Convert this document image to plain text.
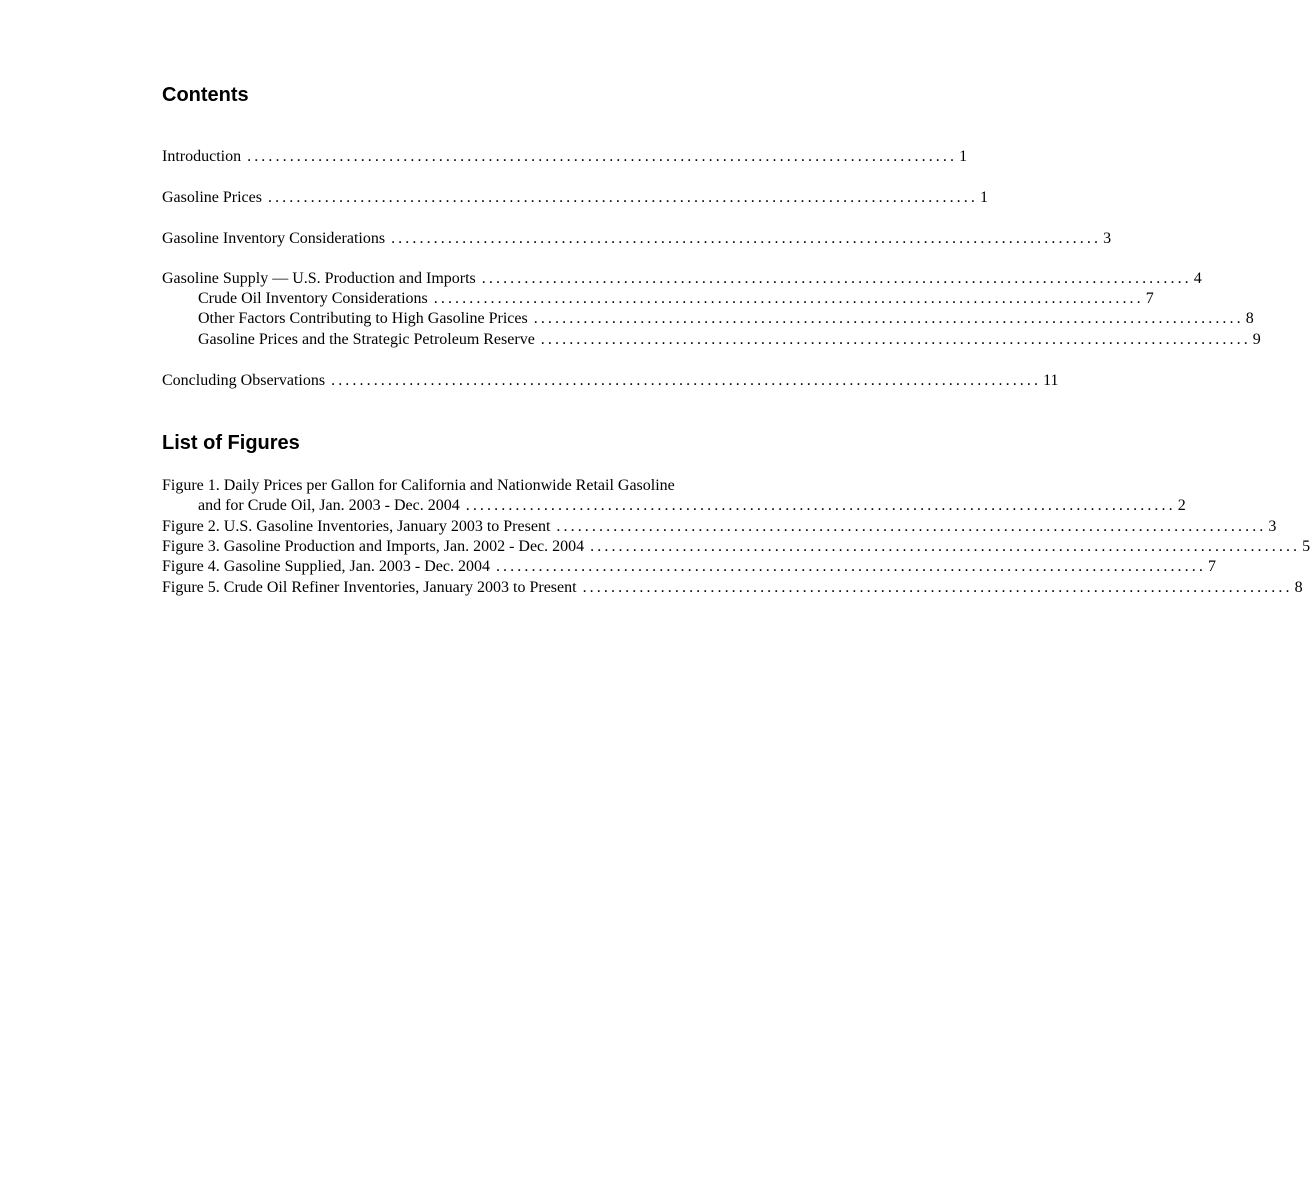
Contents
Introduction .................................................................................................... 1
Gasoline Prices .................................................................................................... 1
Gasoline Inventory Considerations .................................................................................................... 3
Gasoline Supply — U.S. Production and Imports .................................................................................................... 4
Crude Oil Inventory Considerations .................................................................................................... 7
Other Factors Contributing to High Gasoline Prices .................................................................................................... 8
Gasoline Prices and the Strategic Petroleum Reserve .................................................................................................... 9
Concluding Observations .................................................................................................... 11
List of Figures
Figure 1. Daily Prices per Gallon for California and Nationwide Retail Gasoline
and for Crude Oil, Jan. 2003 - Dec. 2004 .................................................................................................... 2
Figure 2. U.S. Gasoline Inventories, January 2003 to Present .................................................................................................... 3
Figure 3. Gasoline Production and Imports, Jan. 2002 - Dec. 2004 .................................................................................................... 5
Figure 4. Gasoline Supplied, Jan. 2003 - Dec. 2004 .................................................................................................... 7
Figure 5. Crude Oil Refiner Inventories, January 2003 to Present .................................................................................................... 8
